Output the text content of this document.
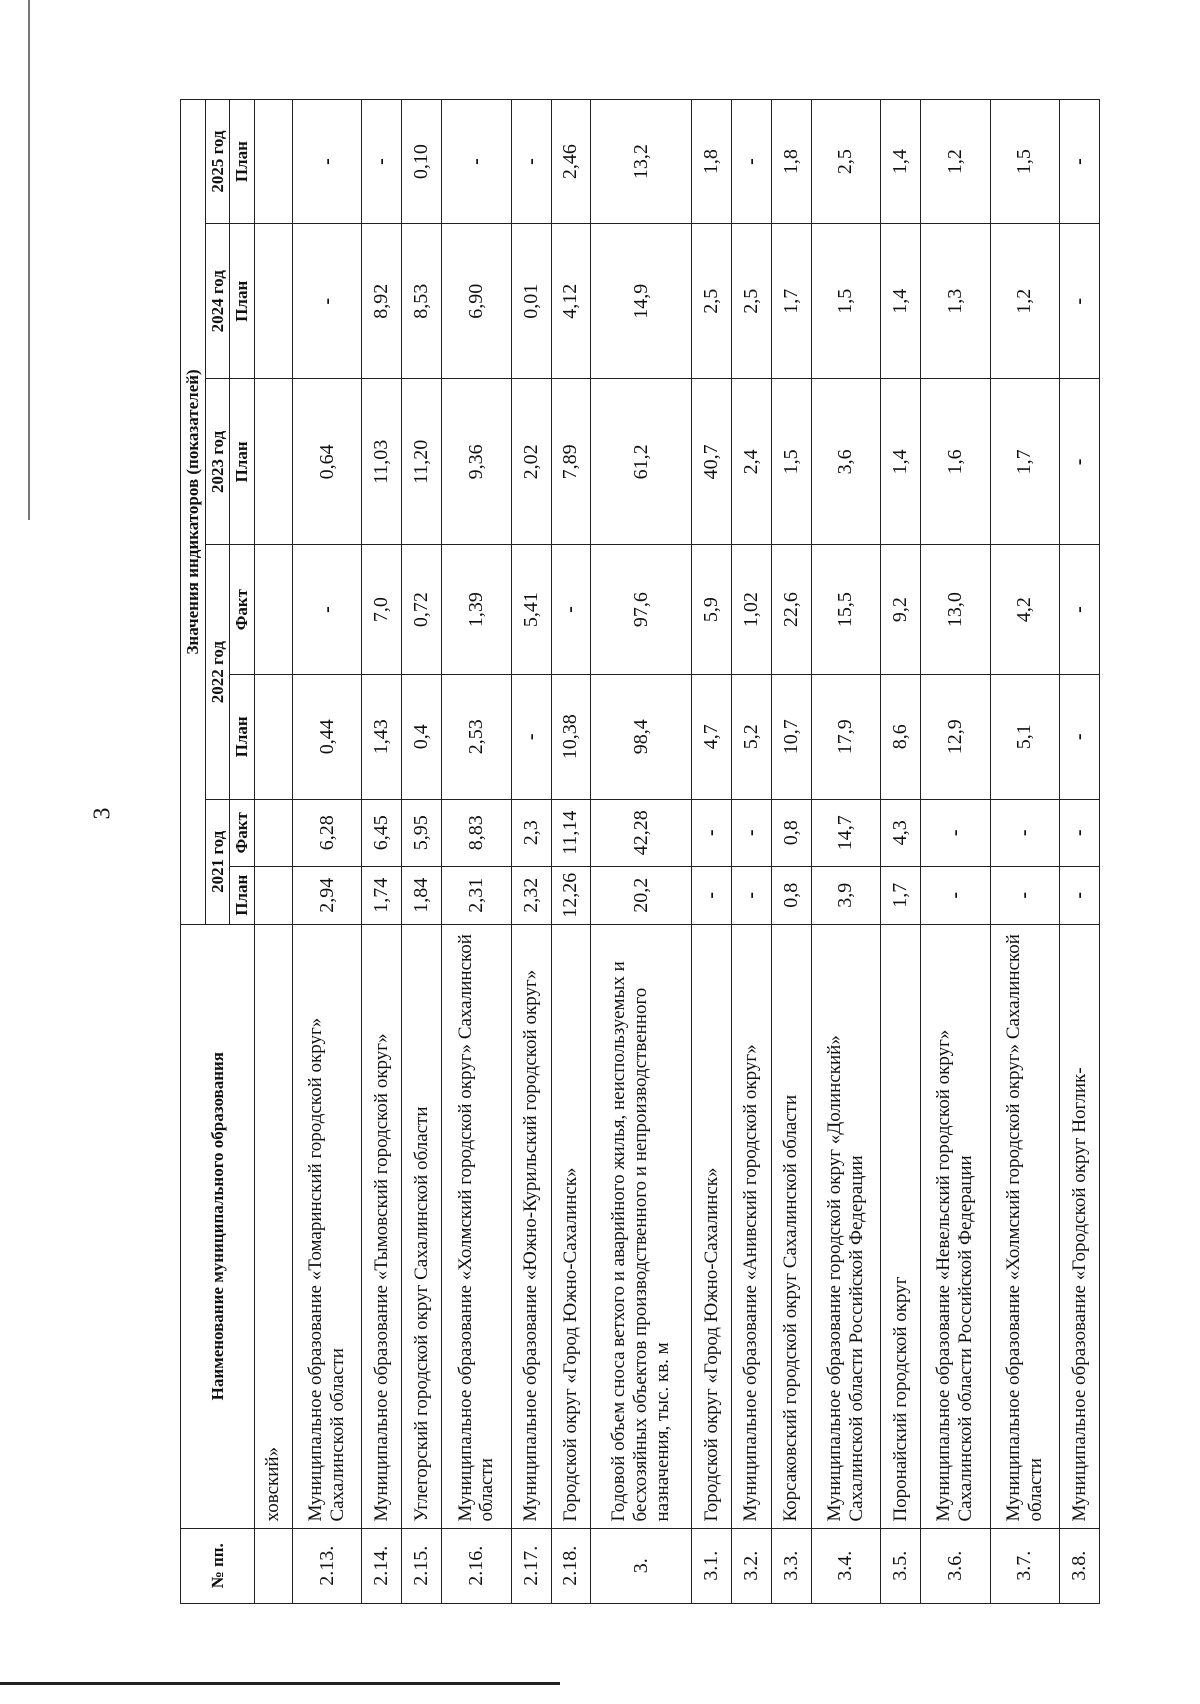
3
№ пп.	Наименование муниципального образования	Значения индикаторов (показателей)						
		2021 год		2022 год		2023 год	2024 год	2025 год
		План	Факт	План	Факт	План	План	План
	ховский»							
2.13.	Муниципальное образование «Томаринский городской округ» Сахалинской области	2,94	6,28	0,44	-	0,64	-	-
2.14.	Муниципальное образование «Тымовский городской округ»	1,74	6,45	1,43	7,0	11,03	8,92	-
2.15.	Углегорский городской округ Сахалинской области	1,84	5,95	0,4	0,72	11,20	8,53	0,10
2.16.	Муниципальное образование «Холмский городской округ» Сахалинской области	2,31	8,83	2,53	1,39	9,36	6,90	-
2.17.	Муниципальное образование «Южно-Курильский городской округ»	2,32	2,3	-	5,41	2,02	0,01	-
2.18.	Городской округ «Город Южно-Сахалинск»	12,26	11,14	10,38	-	7,89	4,12	2,46
3.	Годовой объем сноса ветхого и аварийного жилья, неиспользуемых и бесхозяйных объектов производственного и непроизводственного назначения, тыс. кв. м	20,2	42,28	98,4	97,6	61,2	14,9	13,2
3.1.	Городской округ «Город Южно-Сахалинск»	-	-	4,7	5,9	40,7	2,5	1,8
3.2.	Муниципальное образование «Анивский городской округ»	-	-	5,2	1,02	2,4	2,5	-
3.3.	Корсаковский городской округ Сахалинской области	0,8	0,8	10,7	22,6	1,5	1,7	1,8
3.4.	Муниципальное образование городской округ «Долинский» Сахалинской области Российской Федерации	3,9	14,7	17,9	15,5	3,6	1,5	2,5
3.5.	Поронайский городской округ	1,7	4,3	8,6	9,2	1,4	1,4	1,4
3.6.	Муниципальное образование «Невельский городской округ» Сахалинской области Российской Федерации	-	-	12,9	13,0	1,6	1,3	1,2
3.7.	Муниципальное образование «Холмский городской округ» Сахалинской области	-	-	5,1	4,2	1,7	1,2	1,5
3.8.	Муниципальное образование «Городской округ Ноглик-	-	-	-	-	-	-	-
